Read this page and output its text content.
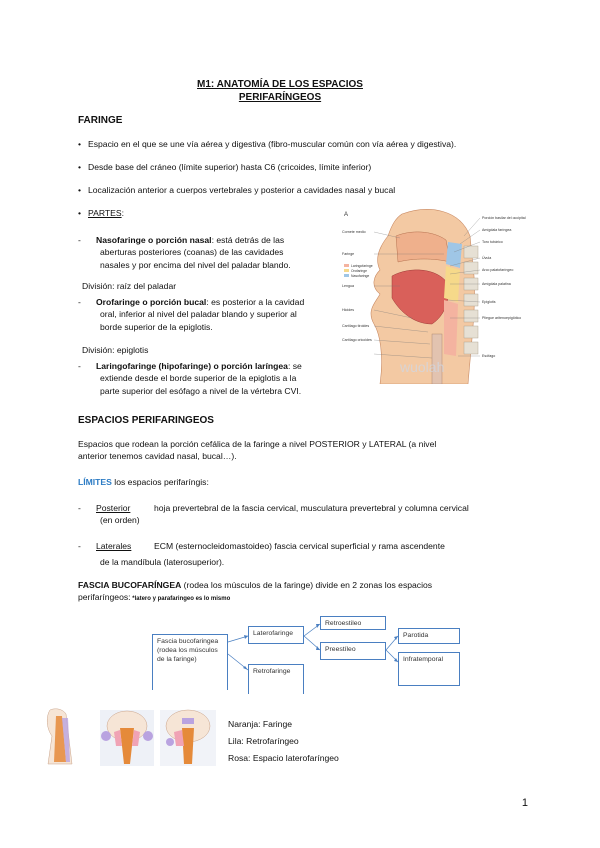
M1: ANATOMÍA DE LOS ESPACIOS
PERIFARÍNGEOS
FARINGE
• Espacio en el que se une vía aérea y digestiva (fibro-muscular común con vía aérea y digestiva).
• Desde base del cráneo (límite superior) hasta C6 (cricoides, límite inferior)
• Localización anterior a cuerpos vertebrales y posterior a cavidades nasal y bucal
• PARTES:
- Nasofaringe o porción nasal: está detrás de las
aberturas posteriores (coanas) de las cavidades
nasales y por encima del nivel del paladar blando.
División: raíz del paladar
- Orofaringe o porción bucal: es posterior a la cavidad
oral, inferior al nivel del paladar blando y superior al
borde superior de la epiglotis.
División: epiglotis
- Laringofaringe (hipofaringe) o porción laríngea: se
extiende desde el borde superior de la epiglotis a la
parte superior del esófago a nivel de la vértebra CVI.
A
Cornete medio
Faringe
Lengua
Hioides
Cartílago tiroides
Cartílago cricoides
Laringofaringe
Orofaringe
Nasofaringe
Porción basilar del occipital
Amígdala faríngea
Toro tubárico
Úvula
Arco palatofaríngeo
Amígdala palatina
Epiglotis
Pliegue aritenoepiglótico
Esófago
wuolah
ESPACIOS PERIFARINGEOS
Espacios que rodean la porción cefálica de la faringe a nivel POSTERIOR y LATERAL (a nivel
anterior tenemos cavidad nasal, bucal…).
LÍMITES los espacios perifaríngis:
- Posterior	hoja prevertebral de la fascia cervical, musculatura prevertebral y columna cervical
(en orden)
- Laterales	ECM (esternocleidomastoideo) fascia cervical superficial y rama ascendente
de la mandíbula (laterosuperior).
FASCIA BUCOFARÍNGEA (rodea los músculos de la faringe) divide en 2 zonas los espacios
perifaríngeos: *latero y parafaringeo es lo mismo
Fascia bucofaringea (rodea los músculos de la faringe)
Laterofaringe
Retrofaringe
Retroestileo
Preestíleo
Parotida
Infratemporal
Naranja: Faringe
Lila: Retrofaríngeo
Rosa: Espacio laterofaríngeo
1
